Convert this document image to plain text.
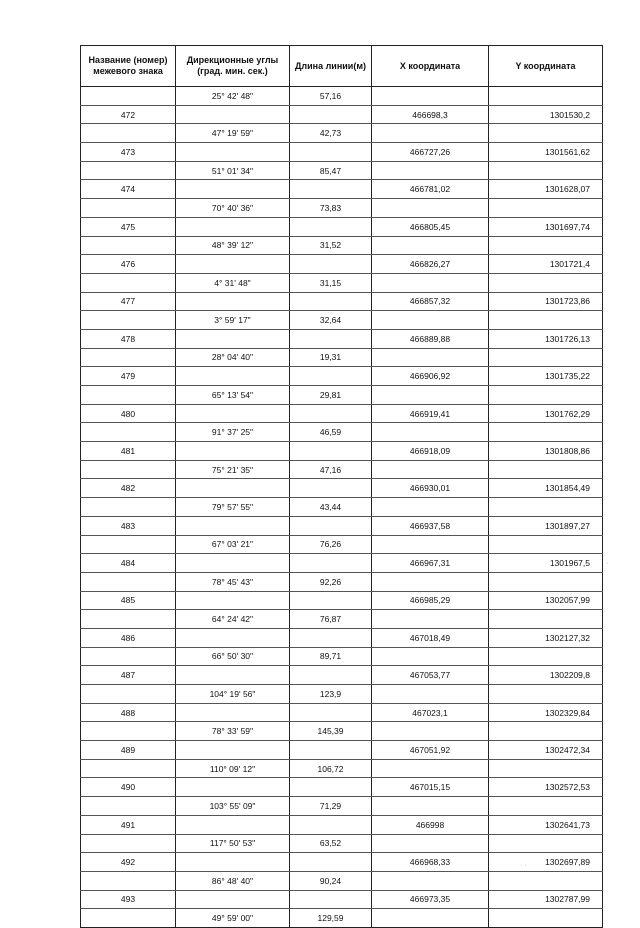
Название (номер) межевого знака	Дирекционные углы (град. мин. сек.)	Длина линии(м)	Х координата	Y координата
	25° 42' 48"	57,16		
472			466698,3	1301530,2
	47° 19' 59"	42,73		
473			466727,26	1301561,62
	51° 01' 34"	85,47		
474			466781,02	1301628,07
	70° 40' 36"	73,83		
475			466805,45	1301697,74
	48° 39' 12"	31,52		
476			466826,27	1301721,4
	4° 31' 48"	31,15		
477			466857,32	1301723,86
	3° 59' 17"	32,64		
478			466889,88	1301726,13
	28° 04' 40"	19,31		
479			466906,92	1301735,22
	65° 13' 54"	29,81		
480			466919,41	1301762,29
	91° 37' 25"	46,59		
481			466918,09	1301808,86
	75° 21' 35"	47,16		
482			466930,01	1301854,49
	79° 57' 55"	43,44		
483			466937,58	1301897,27
	67° 03' 21"	76,26		
484			466967,31	1301967,5
	78° 45' 43"	92,26		
485			466985,29	1302057,99
	64° 24' 42"	76,87		
486			467018,49	1302127,32
	66° 50' 30"	89,71		
487			467053,77	1302209,8
	104° 19' 56"	123,9		
488			467023,1	1302329,84
	78° 33' 59"	145,39		
489			467051,92	1302472,34
	110° 09' 12"	106,72		
490			467015,15	1302572,53
	103° 55' 09"	71,29		
491			466998	1302641,73
	117° 50' 53"	63,52		
492			466968,33	1302697,89
	86° 48' 40"	90,24		
493			466973,35	1302787,99
	49° 59' 00"	129,59		
·
· ·
